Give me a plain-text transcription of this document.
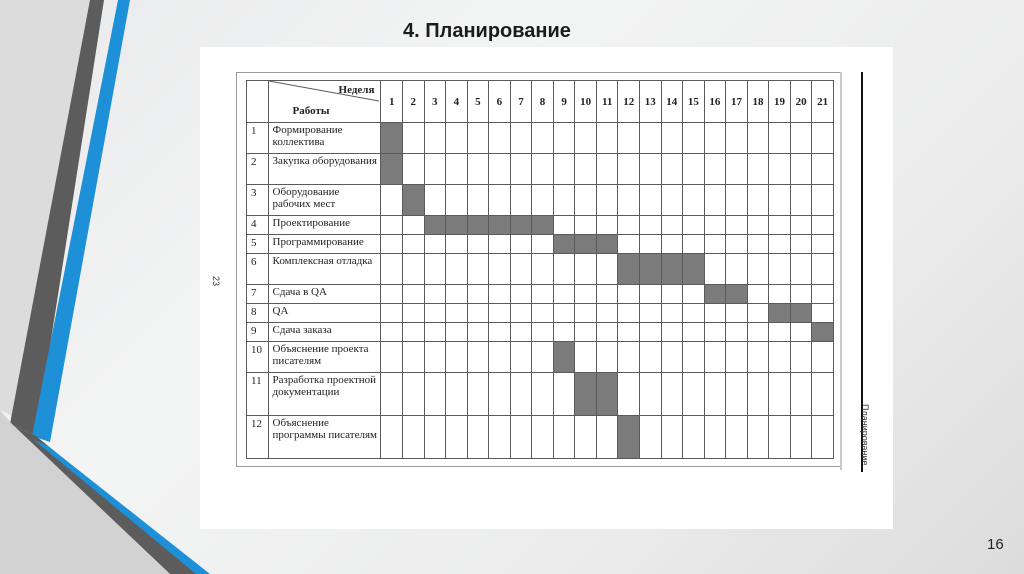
4. Планирование
Планирование
23

	Неделя
Работы	1	2	3	4	5	6	7	8	9	10	11	12	13	14	15	16	17	18	19	20	21
1	Формирование коллектива																					
2	Закупка оборудования																					
3	Оборудование рабочих мест																					
4	Проектирование																					
5	Программирование																					
6	Комплексная отладка																					
7	Сдача в QA																					
8	QA																					
9	Сдача заказа																					
10	Объяснение проекта писателям																					
11	Разработка проектной документации																					
12	Объяснение программы писателям																					
16
